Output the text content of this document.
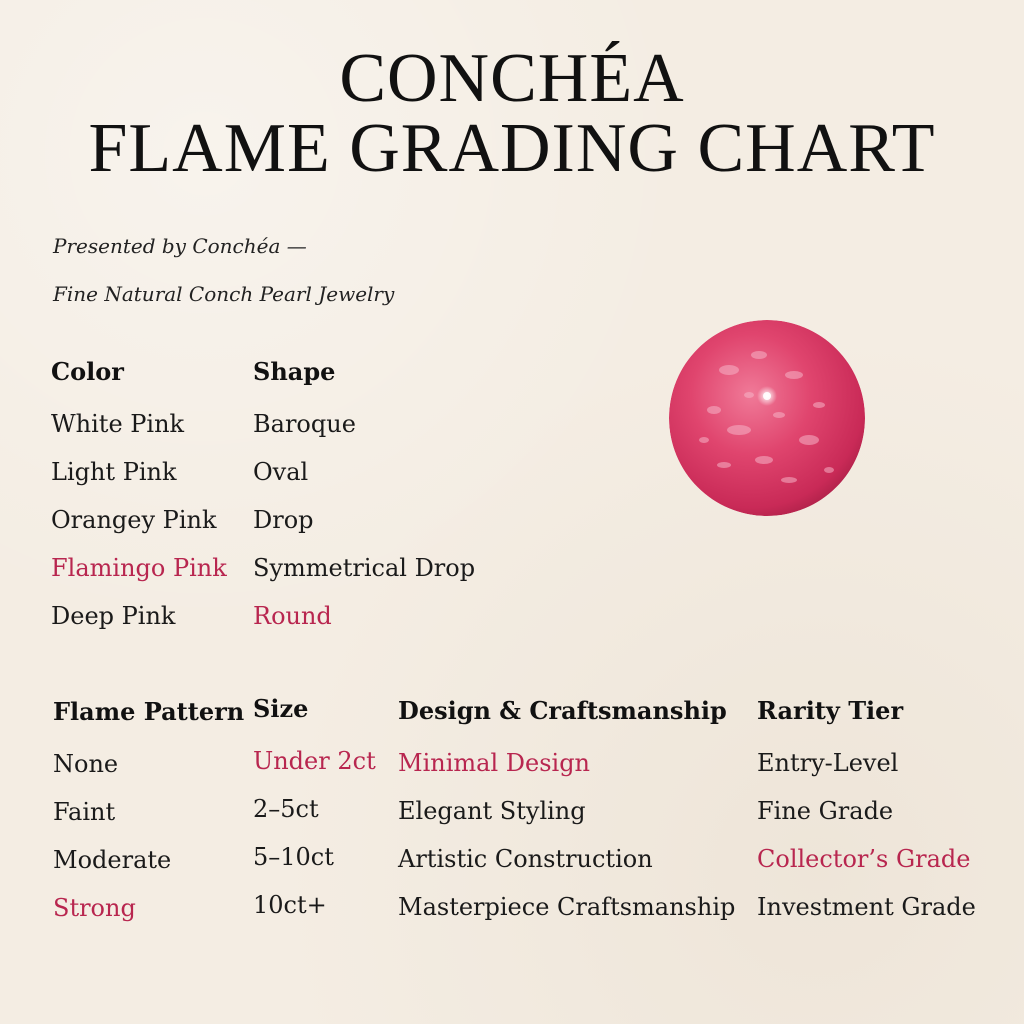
CONCHÉA
FLAME GRADING CHART
Presented by Conchéa —
Fine Natural Conch Pearl Jewelry
Color
White Pink
Light Pink
Orangey Pink
Flamingo Pink
Deep Pink
Shape
Baroque
Oval
Drop
Symmetrical Drop
Round
Flame Pattern
None
Faint
Moderate
Strong
Size
Under 2ct
2–5ct
5–10ct
10ct+
Design & Craftsmanship
Minimal Design
Elegant Styling
Artistic Construction
Masterpiece Craftsmanship
Rarity Tier
Entry-Level
Fine Grade
Collector’s Grade
Investment Grade
